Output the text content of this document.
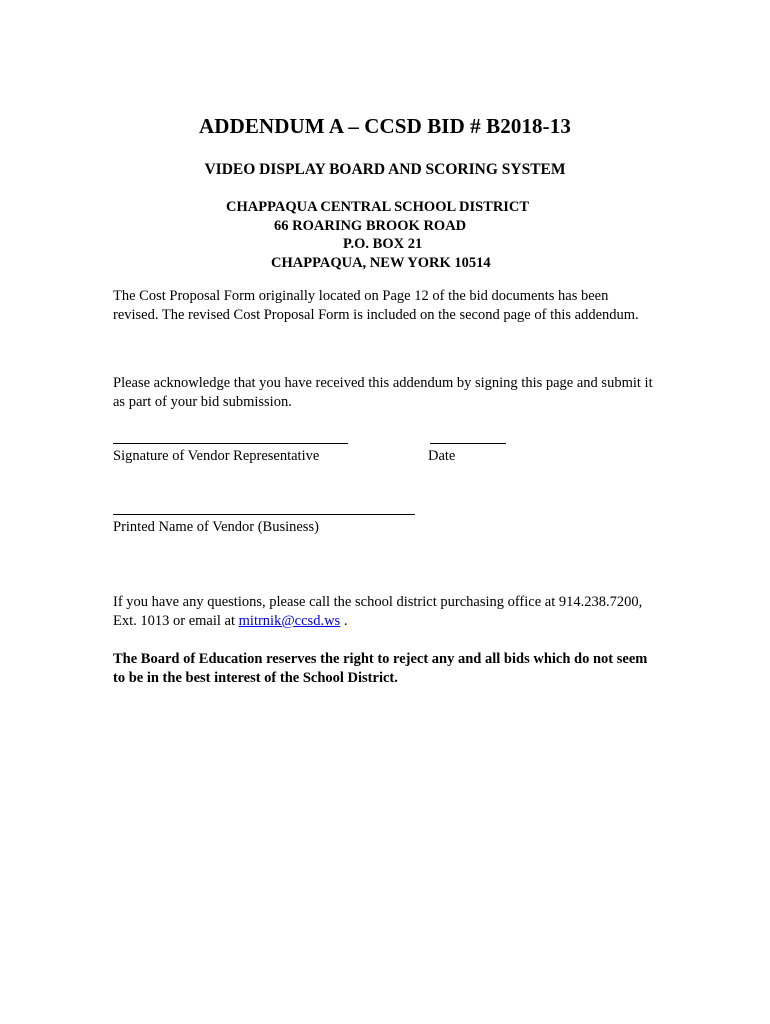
ADDENDUM A – CCSD BID # B2018-13
VIDEO DISPLAY BOARD AND SCORING SYSTEM
CHAPPAQUA CENTRAL SCHOOL DISTRICT
66 ROARING BROOK ROAD
P.O. BOX 21
CHAPPAQUA, NEW YORK 10514

The Cost Proposal Form originally located on Page 12 of the bid documents has been revised. The revised Cost Proposal Form is included on the second page of this addendum.

Please acknowledge that you have received this addendum by signing this page and submit it as part of your bid submission.

Signature of Vendor Representative	Date
Printed Name of Vendor (Business)

If you have any questions, please call the school district purchasing office at 914.238.7200, Ext. 1013 or email at mitrnik@ccsd.ws .

The Board of Education reserves the right to reject any and all bids which do not seem to be in the best interest of the School District.
